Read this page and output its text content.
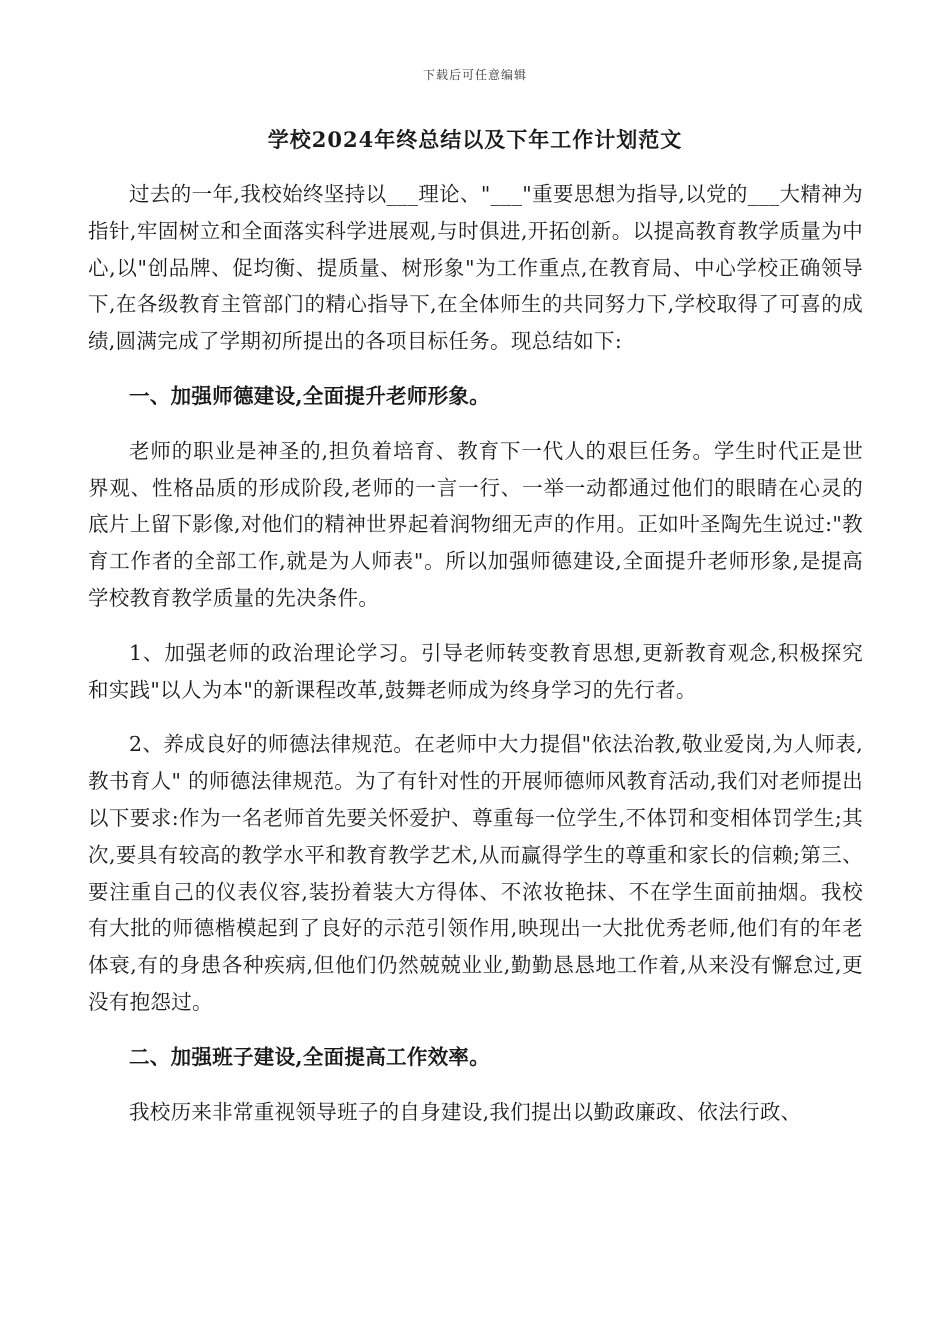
下载后可任意编辑
学校2024年终总结以及下年工作计划范文

过去的一年,我校始终坚持以___理论、"___"重要思想为指导,以党的___大精神为指针,牢固树立和全面落实科学进展观,与时俱进,开拓创新。以提高教育教学质量为中心,以"创品牌、促均衡、提质量、树形象"为工作重点,在教育局、中心学校正确领导下,在各级教育主管部门的精心指导下,在全体师生的共同努力下,学校取得了可喜的成绩,圆满完成了学期初所提出的各项目标任务。现总结如下:

一、加强师德建设,全面提升老师形象。

老师的职业是神圣的,担负着培育、教育下一代人的艰巨任务。学生时代正是世界观、性格品质的形成阶段,老师的一言一行、一举一动都通过他们的眼睛在心灵的底片上留下影像,对他们的精神世界起着润物细无声的作用。正如叶圣陶先生说过:"教育工作者的全部工作,就是为人师表"。所以加强师德建设,全面提升老师形象,是提高学校教育教学质量的先决条件。

1、加强老师的政治理论学习。引导老师转变教育思想,更新教育观念,积极探究和实践"以人为本"的新课程改革,鼓舞老师成为终身学习的先行者。

2、养成良好的师德法律规范。在老师中大力提倡"依法治教,敬业爱岗,为人师表,教书育人" 的师德法律规范。为了有针对性的开展师德师风教育活动,我们对老师提出以下要求:作为一名老师首先要关怀爱护、尊重每一位学生,不体罚和变相体罚学生;其次,要具有较高的教学水平和教育教学艺术,从而赢得学生的尊重和家长的信赖;第三、要注重自己的仪表仪容,装扮着装大方得体、不浓妆艳抹、不在学生面前抽烟。我校有大批的师德楷模起到了良好的示范引领作用,映现出一大批优秀老师,他们有的年老体衰,有的身患各种疾病,但他们仍然兢兢业业,勤勤恳恳地工作着,从来没有懈怠过,更没有抱怨过。

二、加强班子建设,全面提高工作效率。

我校历来非常重视领导班子的自身建设,我们提出以勤政廉政、依法行政、
